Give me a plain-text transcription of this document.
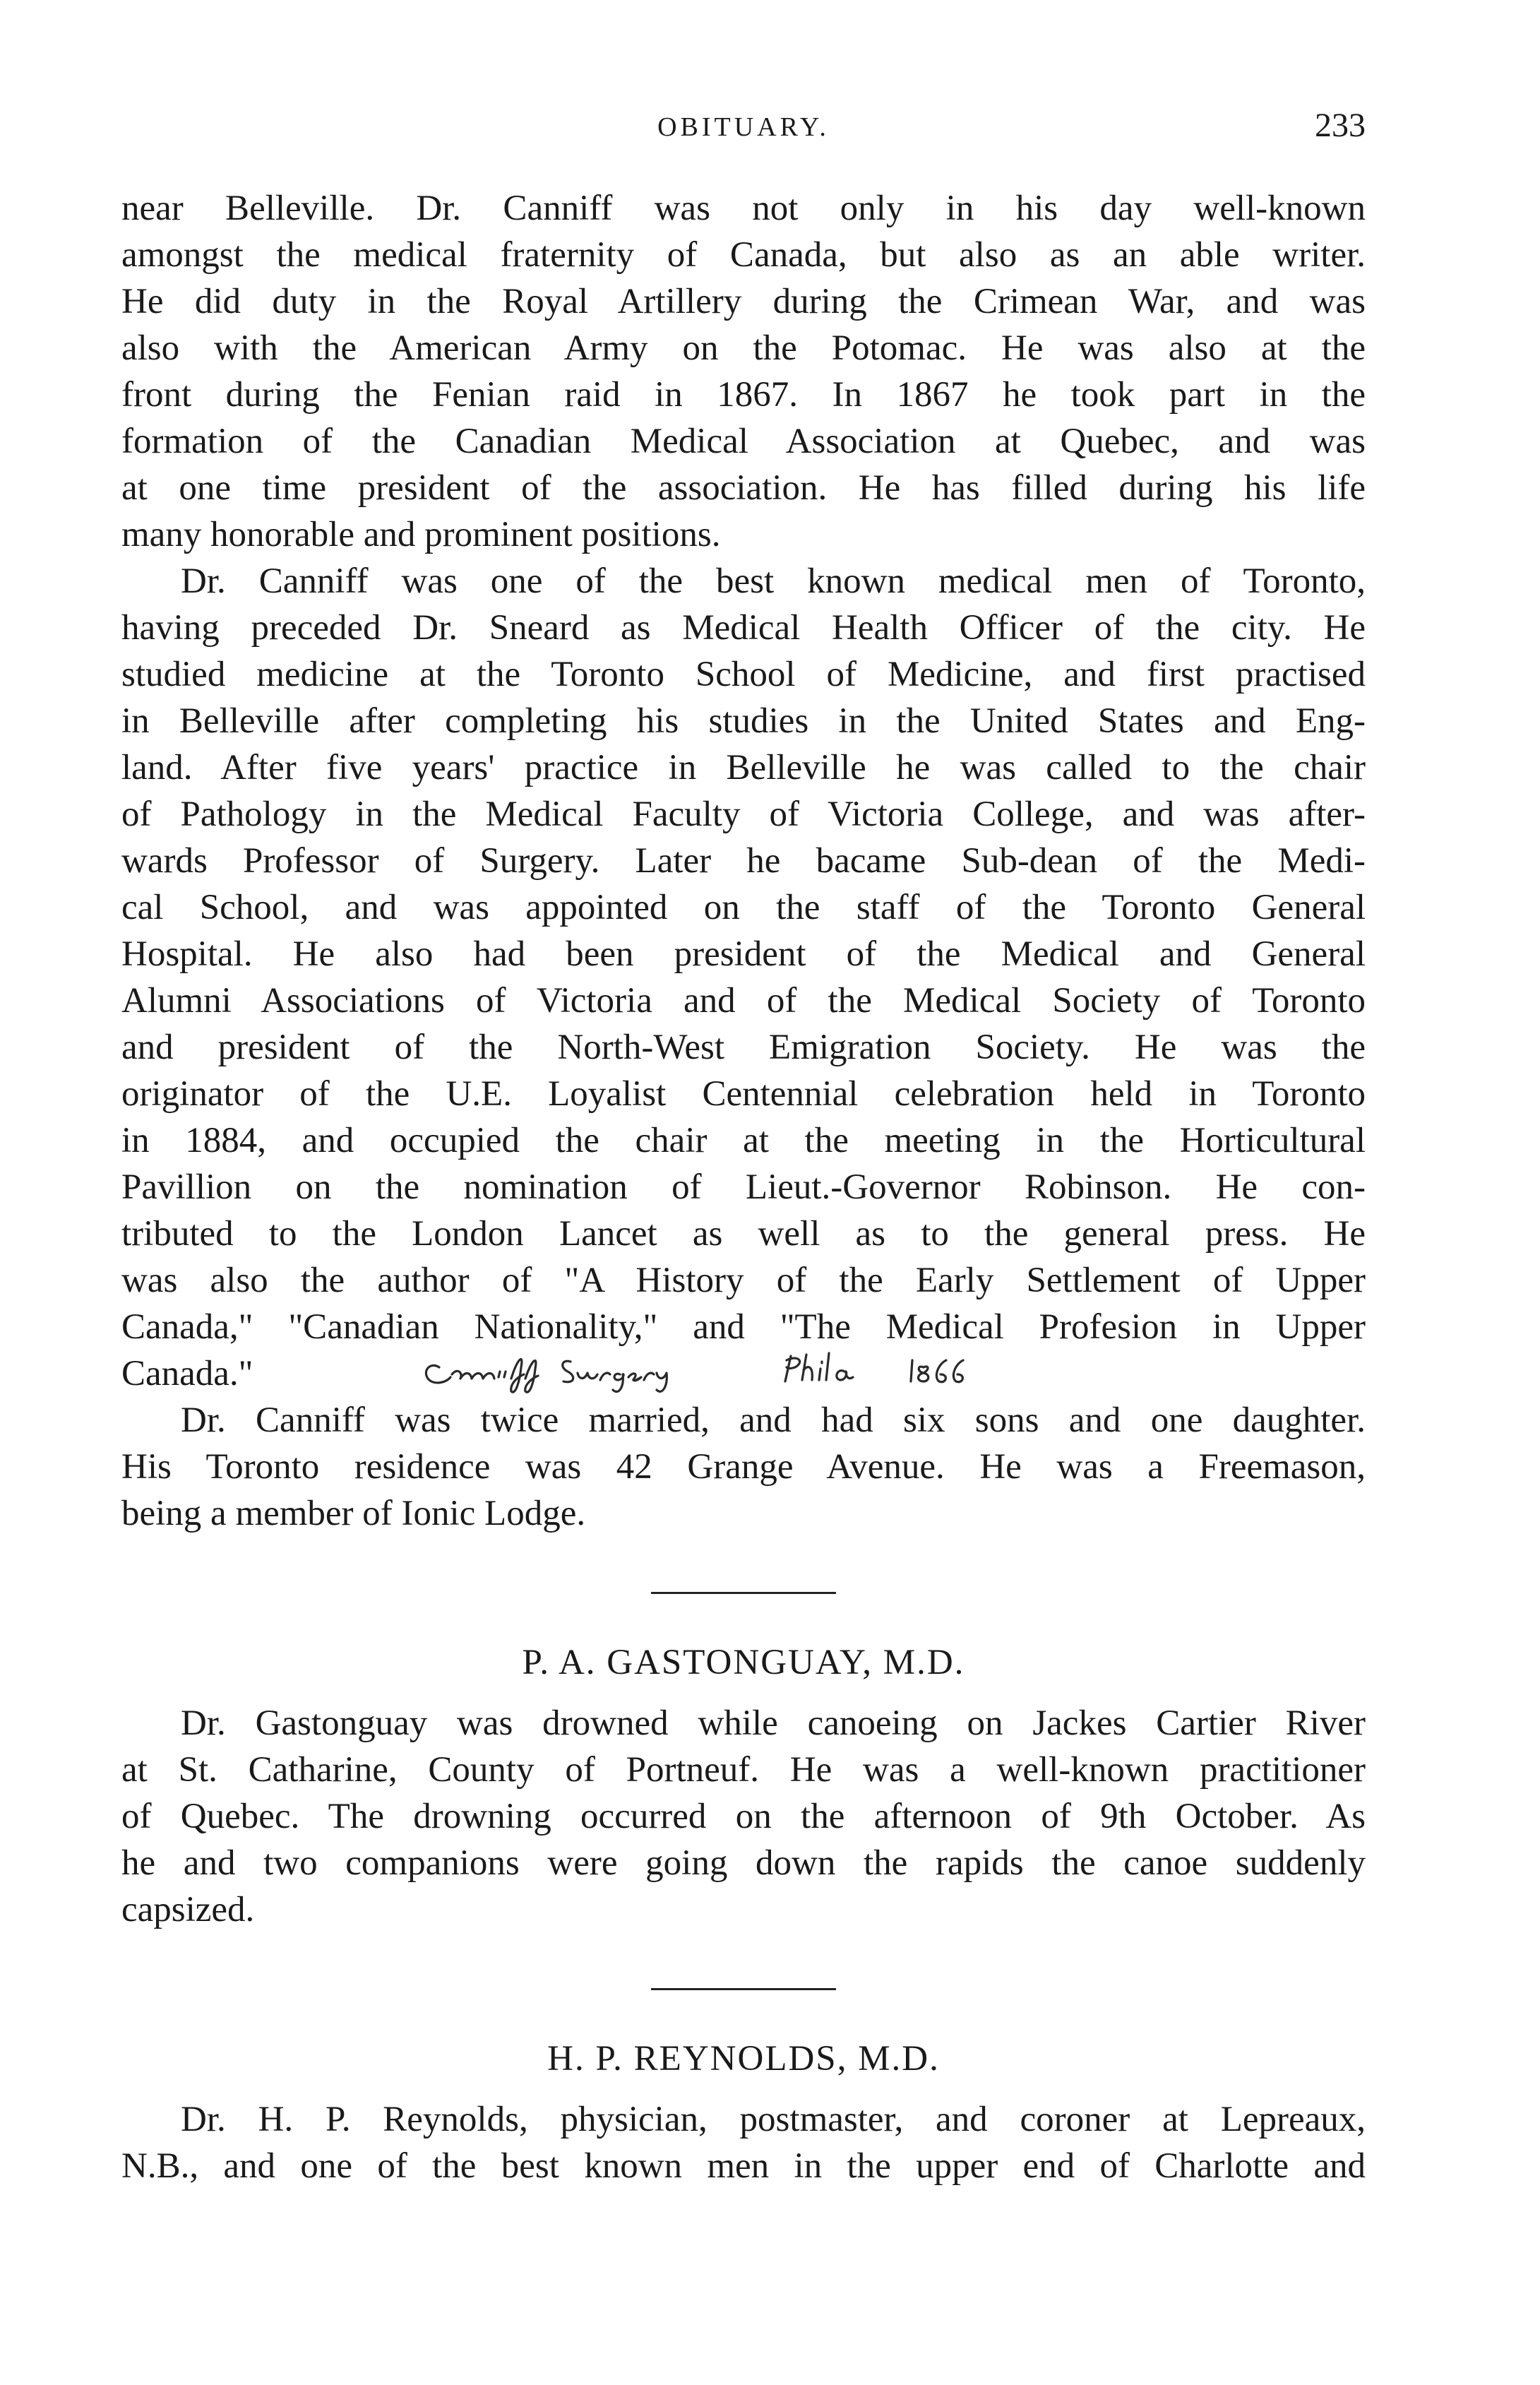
OBITUARY.	233
near Belleville. Dr. Canniff was not only in his day well-known
amongst the medical fraternity of Canada, but also as an able writer.
He did duty in the Royal Artillery during the Crimean War, and was
also with the American Army on the Potomac. He was also at the
front during the Fenian raid in 1867. In 1867 he took part in the
formation of the Canadian Medical Association at Quebec, and was
at one time president of the association. He has filled during his life
many honorable and prominent positions.
Dr. Canniff was one of the best known medical men of Toronto,
having preceded Dr. Sneard as Medical Health Officer of the city. He
studied medicine at the Toronto School of Medicine, and first practised
in Belleville after completing his studies in the United States and Eng-
land. After five years' practice in Belleville he was called to the chair
of Pathology in the Medical Faculty of Victoria College, and was after-
wards Professor of Surgery. Later he bacame Sub-dean of the Medi-
cal School, and was appointed on the staff of the Toronto General
Hospital. He also had been president of the Medical and General
Alumni Associations of Victoria and of the Medical Society of Toronto
and president of the North-West Emigration Society. He was the
originator of the U.E. Loyalist Centennial celebration held in Toronto
in 1884, and occupied the chair at the meeting in the Horticultural
Pavillion on the nomination of Lieut.-Governor Robinson. He con-
tributed to the London Lancet as well as to the general press. He
was also the author of "A History of the Early Settlement of Upper
Canada," "Canadian Nationality," and "The Medical Profesion in Upper
Canada."
Dr. Canniff was twice married, and had six sons and one daughter.
His Toronto residence was 42 Grange Avenue. He was a Freemason,
being a member of Ionic Lodge.
P. A. GASTONGUAY, M.D.
Dr. Gastonguay was drowned while canoeing on Jackes Cartier River
at St. Catharine, County of Portneuf. He was a well-known practitioner
of Quebec. The drowning occurred on the afternoon of 9th October. As
he and two companions were going down the rapids the canoe suddenly
capsized.
H. P. REYNOLDS, M.D.
Dr. H. P. Reynolds, physician, postmaster, and coroner at Lepreaux,
N.B., and one of the best known men in the upper end of Charlotte and
